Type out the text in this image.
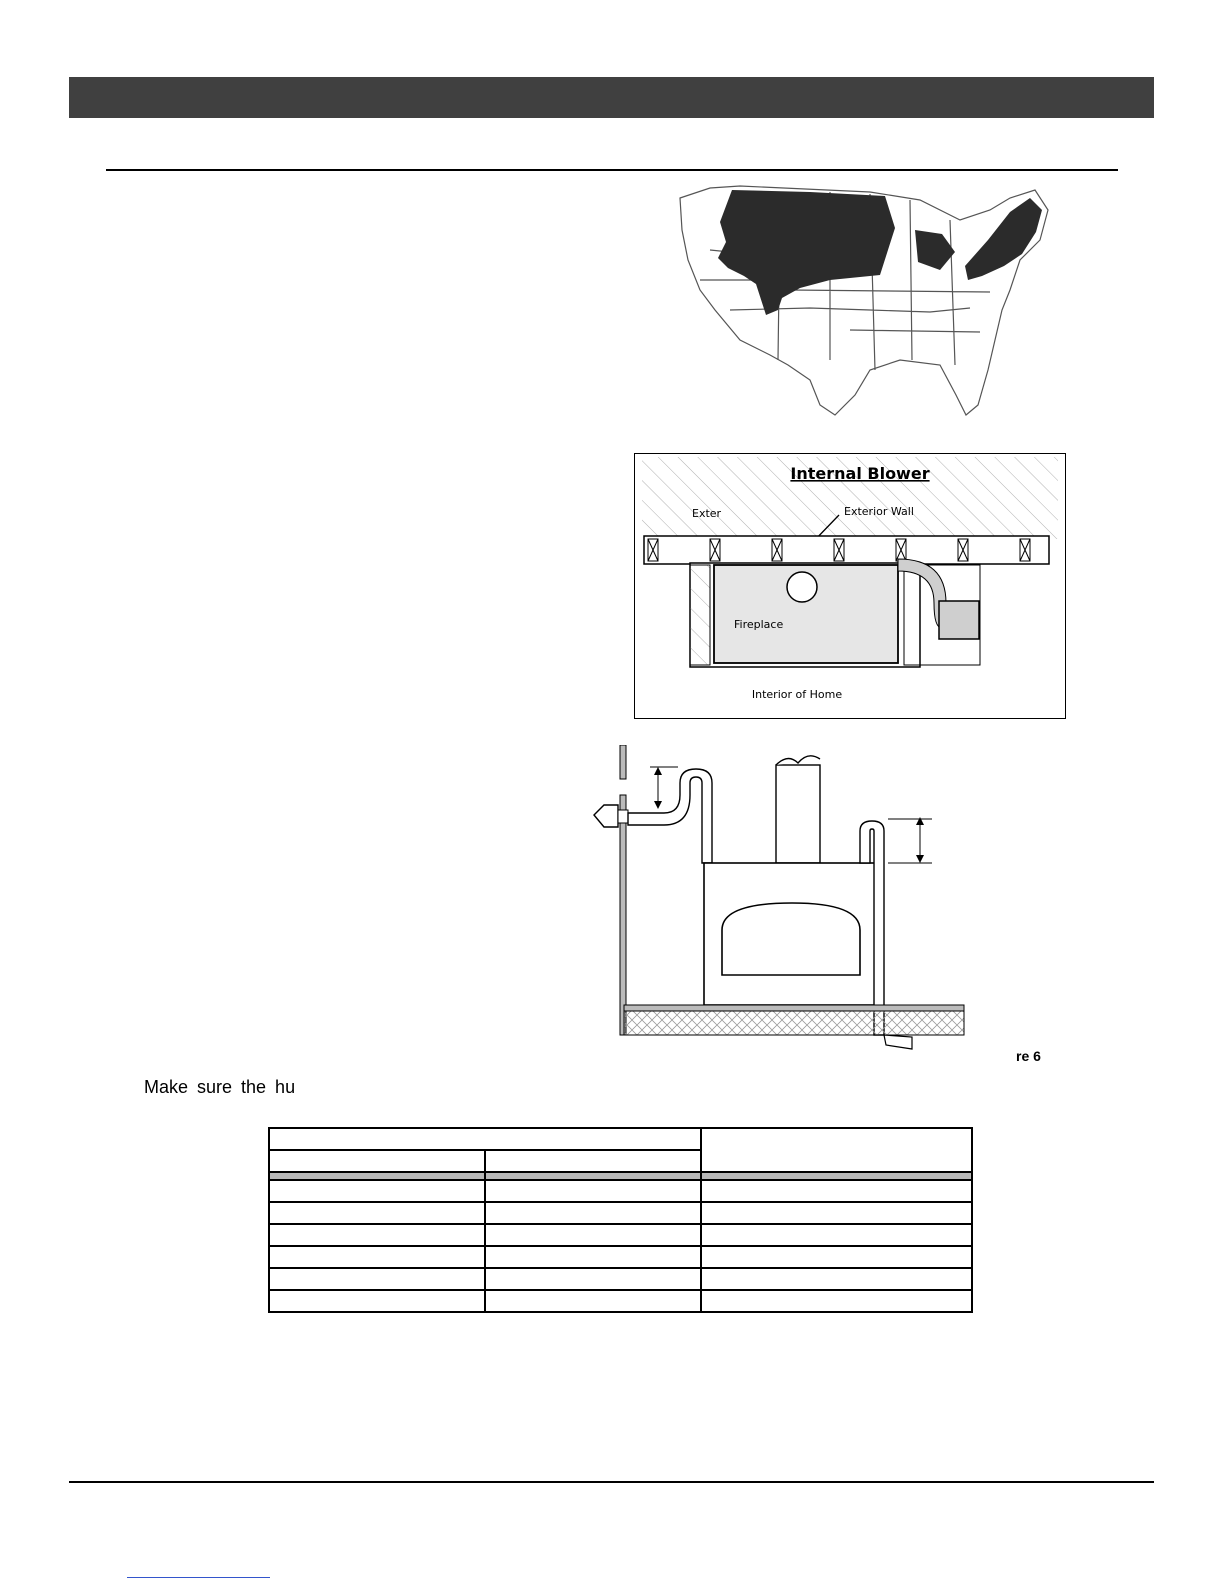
Internal Blower
Exter	Exterior Wall
Fireplace
Interior of Home
re 6
Make sure the hu
